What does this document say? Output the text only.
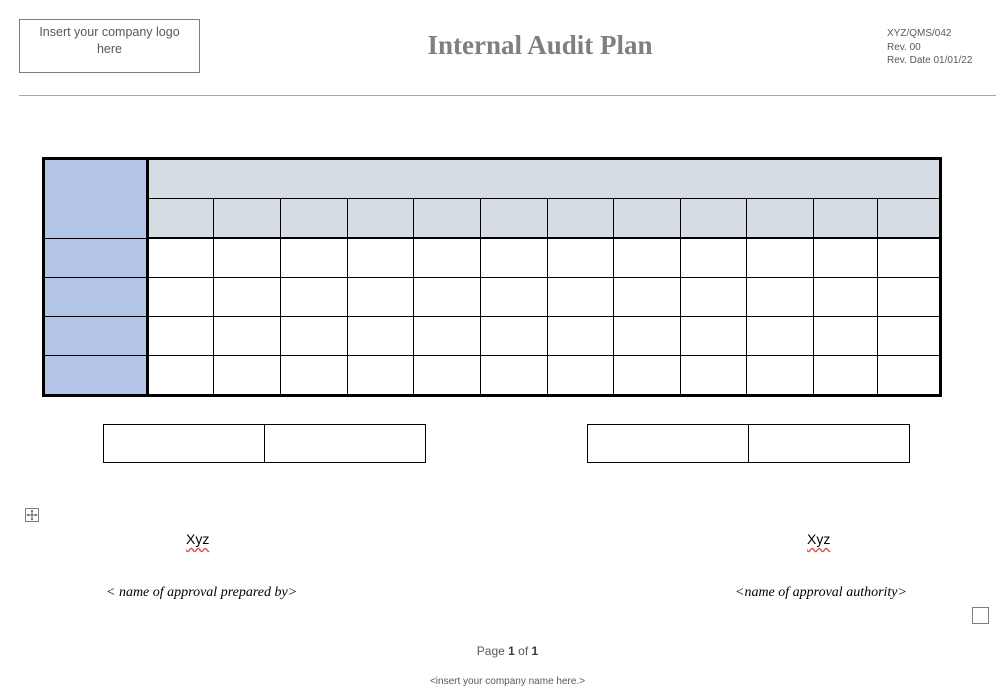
Insert your company logo
here	Internal Audit Plan	XYZ/QMS/042
Rev. 00
Rev. Date 01/01/22

Xyz	Xyz
< name of approval prepared by>	<name of approval authority>
Page 1 of 1
<insert your company name here.>
